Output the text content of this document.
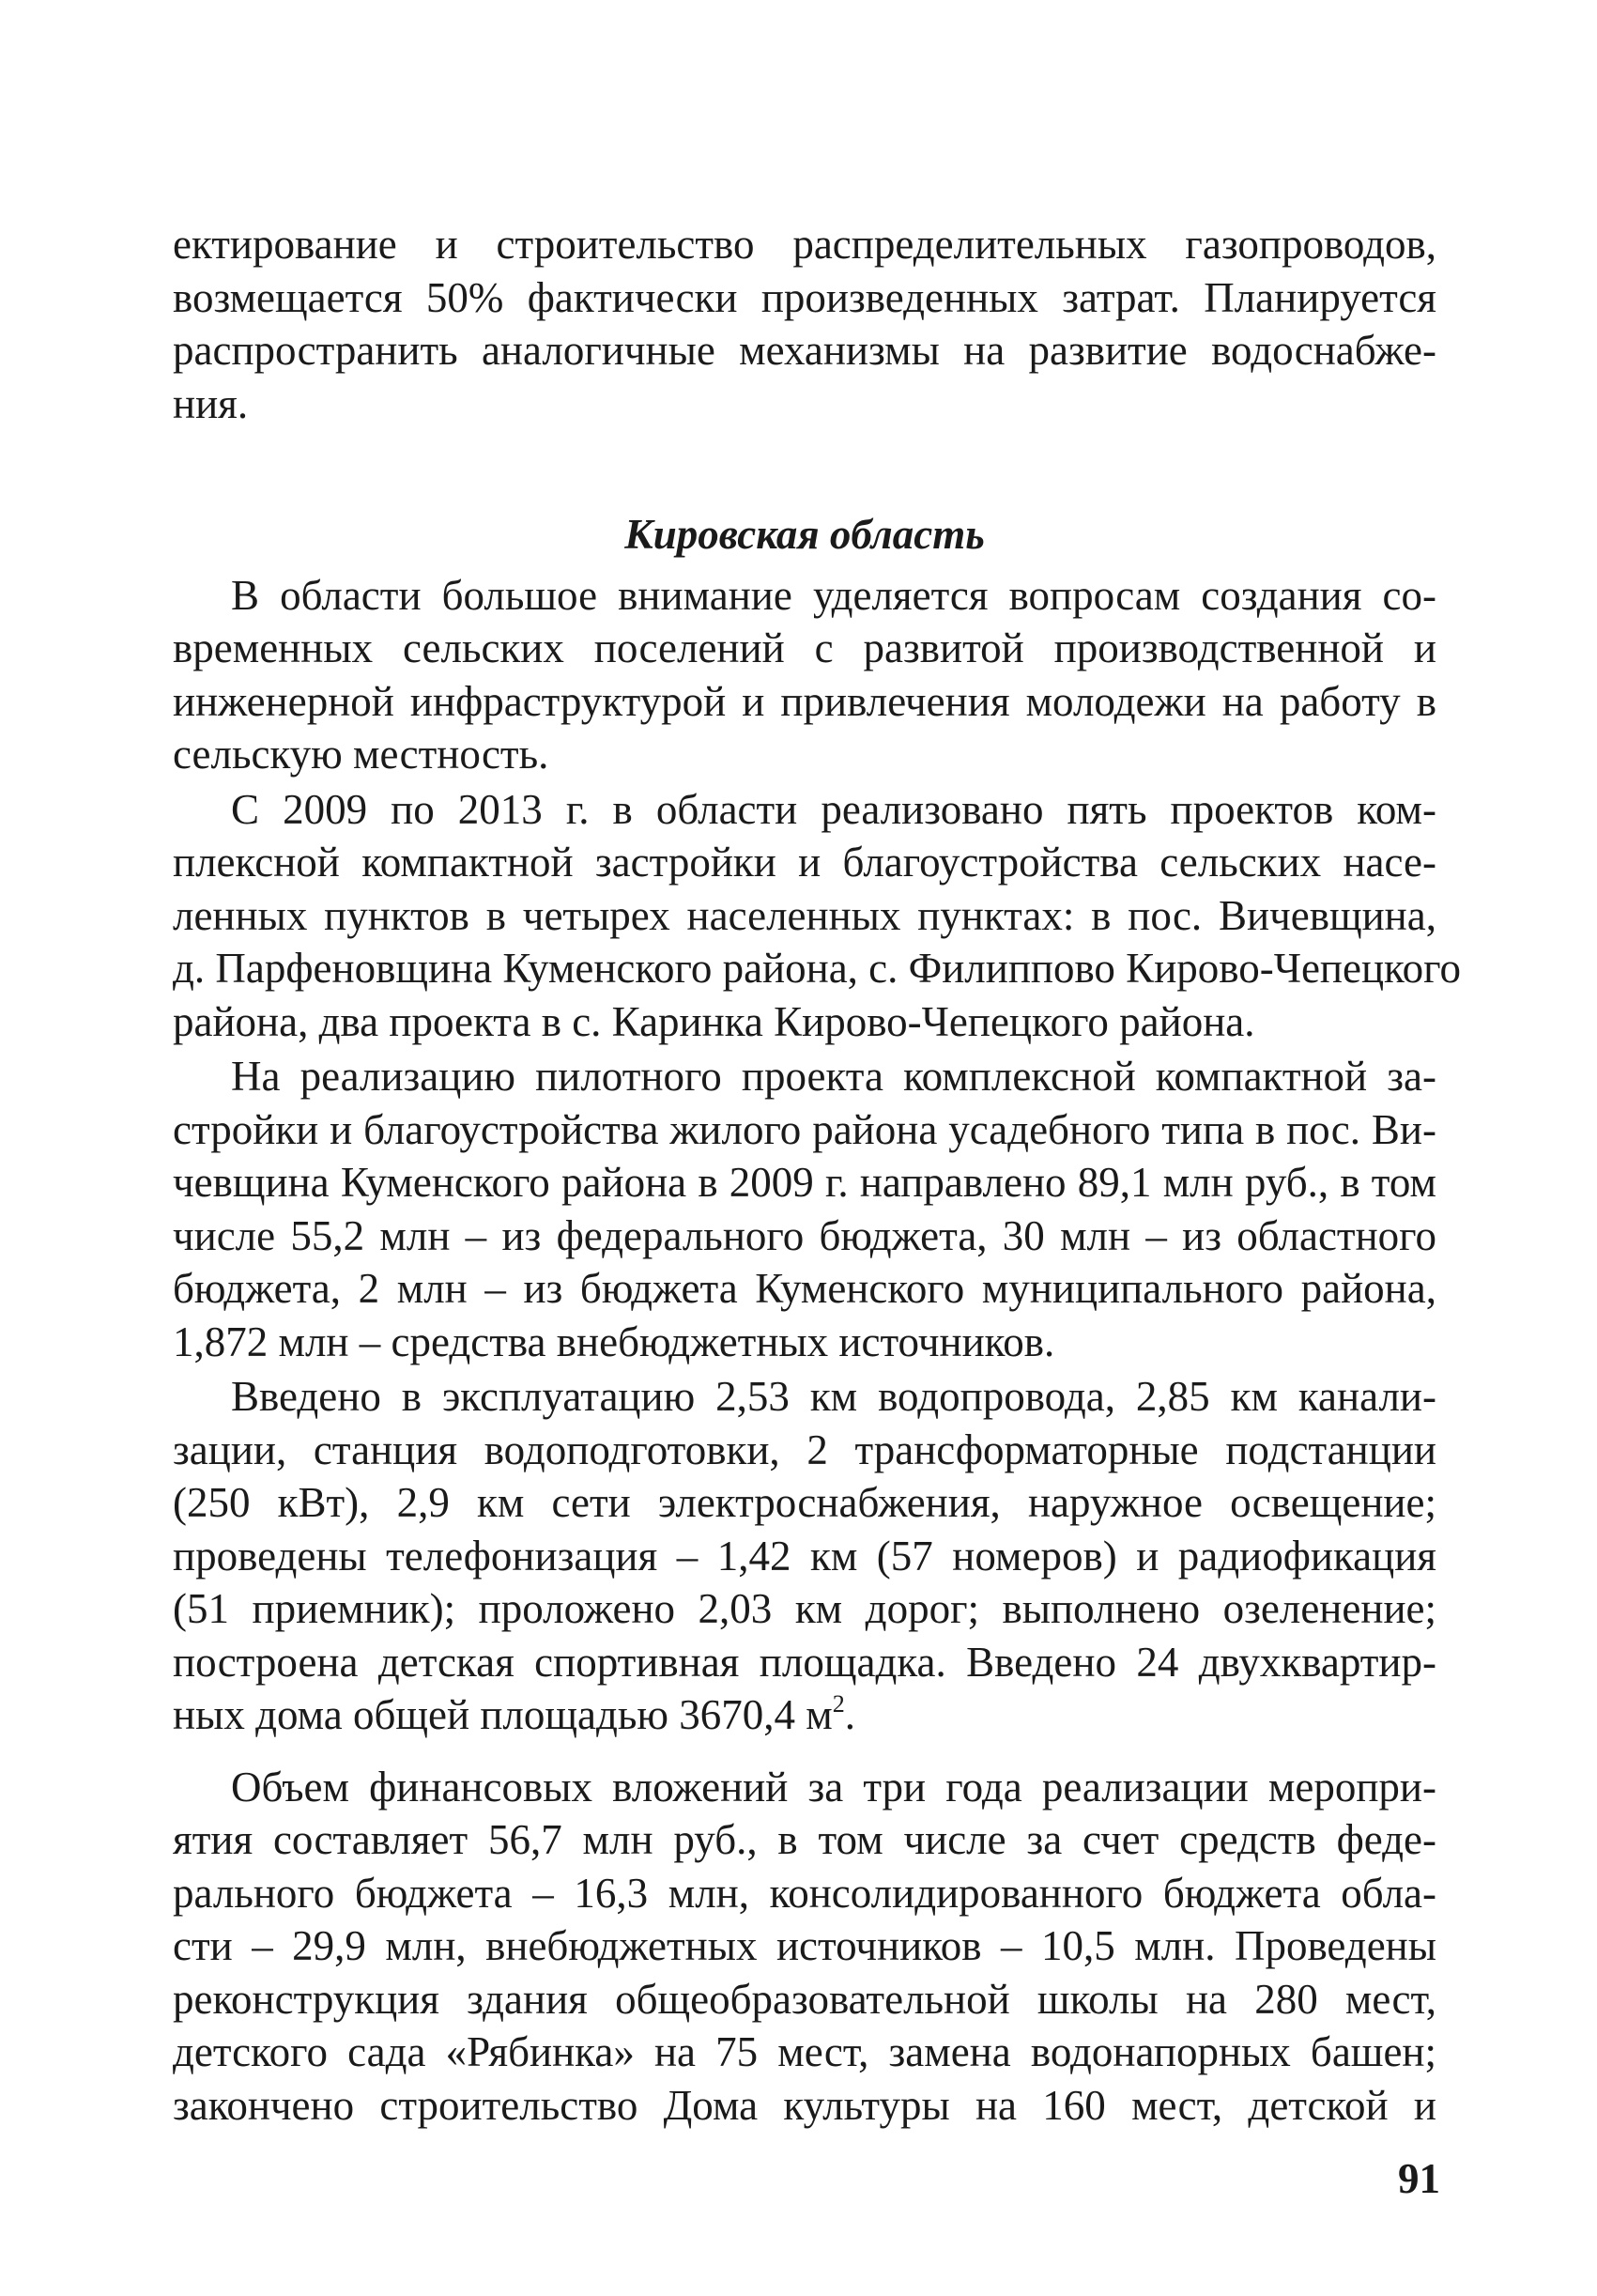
ектирование и строительство распределительных газопроводов,
возмещается 50% фактически произведенных затрат. Планируется
распространить аналогичные механизмы на развитие водоснабже-
ния.
Кировская область
В области большое внимание уделяется вопросам создания со-
временных сельских поселений с развитой производственной и
инженерной инфраструктурой и привлечения молодежи на работу в
сельскую местность.
С 2009 по 2013 г. в области реализовано пять проектов ком-
плексной компактной застройки и благоустройства сельских насе-
ленных пунктов в четырех населенных пунктах: в пос. Вичевщина,
д. Парфеновщина Куменского района, с. Филиппово Кирово-Чепецкого
района, два проекта в с. Каринка Кирово-Чепецкого района.
На реализацию пилотного проекта комплексной компактной за-
стройки и благоустройства жилого района усадебного типа в пос. Ви-
чевщина Куменского района в 2009 г. направлено 89,1 млн руб., в том
числе 55,2 млн – из федерального бюджета, 30 млн – из областного
бюджета, 2 млн – из бюджета Куменского муниципального района,
1,872 млн – средства внебюджетных источников.
Введено в эксплуатацию 2,53 км водопровода, 2,85 км канали-
зации, станция водоподготовки, 2 трансформаторные подстанции
(250 кВт), 2,9 км сети электроснабжения, наружное освещение;
проведены телефонизация – 1,42 км (57 номеров) и радиофикация
(51 приемник); проложено 2,03 км дорог; выполнено озеленение;
построена детская спортивная площадка. Введено 24 двухквартир-
ных дома общей площадью 3670,4 $м^2$.
Объем финансовых вложений за три года реализации меропри-
ятия составляет 56,7 млн руб., в том числе за счет средств феде-
рального бюджета – 16,3 млн, консолидированного бюджета обла-
сти – 29,9 млн, внебюджетных источников – 10,5 млн. Проведены
реконструкция здания общеобразовательной школы на 280 мест,
детского сада «Рябинка» на 75 мест, замена водонапорных башен;
закончено строительство Дома культуры на 160 мест, детской и
91
